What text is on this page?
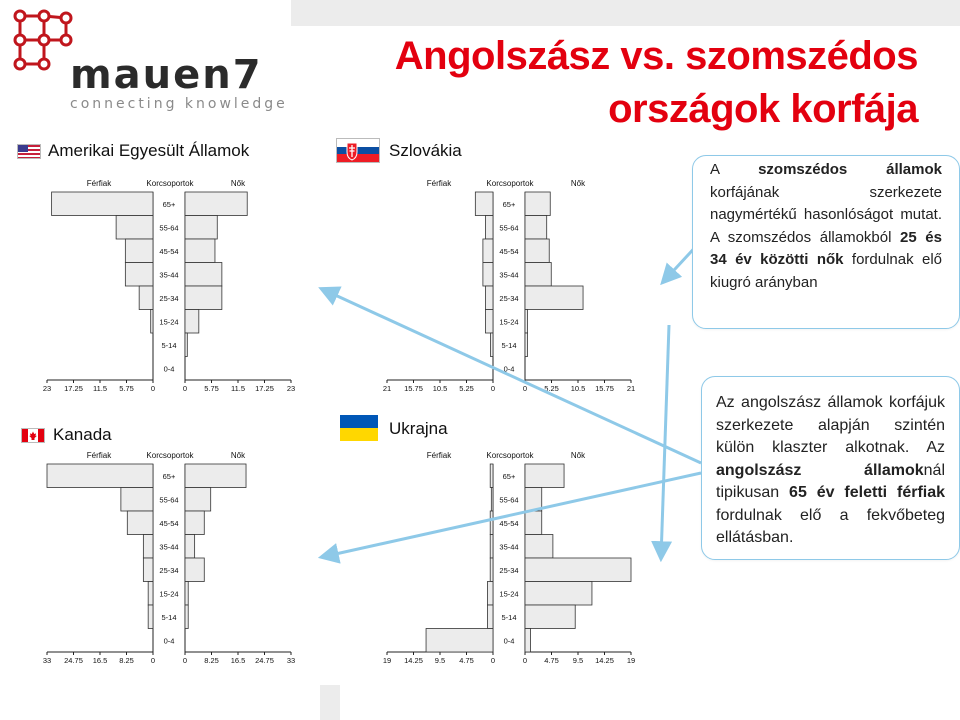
Angolszász vs. szomszédos
országok korfája
mauen7
connecting knowledge
Amerikai Egyesült Államok	Szlovákia
Kanada	Ukrajna
Férfiak	Korcsoportok	Nők
65+
55-64
45-54
35-44
25-34
15-24
5-14
0-4
23 17.25 11.5 5.75 0	0 5.75 11.5 17.25 23
Férfiak	Korcsoportok	Nők
65+
55-64
45-54
35-44
25-34
15-24
5-14
0-4
21 15.75 10.5 5.25 0	0 5.25 10.5 15.75 21
Férfiak	Korcsoportok	Nők
65+
55-64
45-54
35-44
25-34
15-24
5-14
0-4
33 24.75 16.5 8.25 0	0 8.25 16.5 24.75 33
Férfiak	Korcsoportok	Nők
65+
55-64
45-54
35-44
25-34
15-24
5-14
0-4
19 14.25 9.5 4.75 0	0 4.75 9.5 14.25 19

A szomszédos államok korfájának szerkezete nagymértékű hasonlóságot mutat. A szomszédos államokból 25 és 34 év közötti nők fordulnak elő kiugró arányban

Az angolszász államok korfájuk szerkezete alapján szintén külön klaszter alkotnak. Az angolszász államoknál tipikusan 65 év feletti férfiak fordulnak elő a fekvőbeteg ellátásban.
